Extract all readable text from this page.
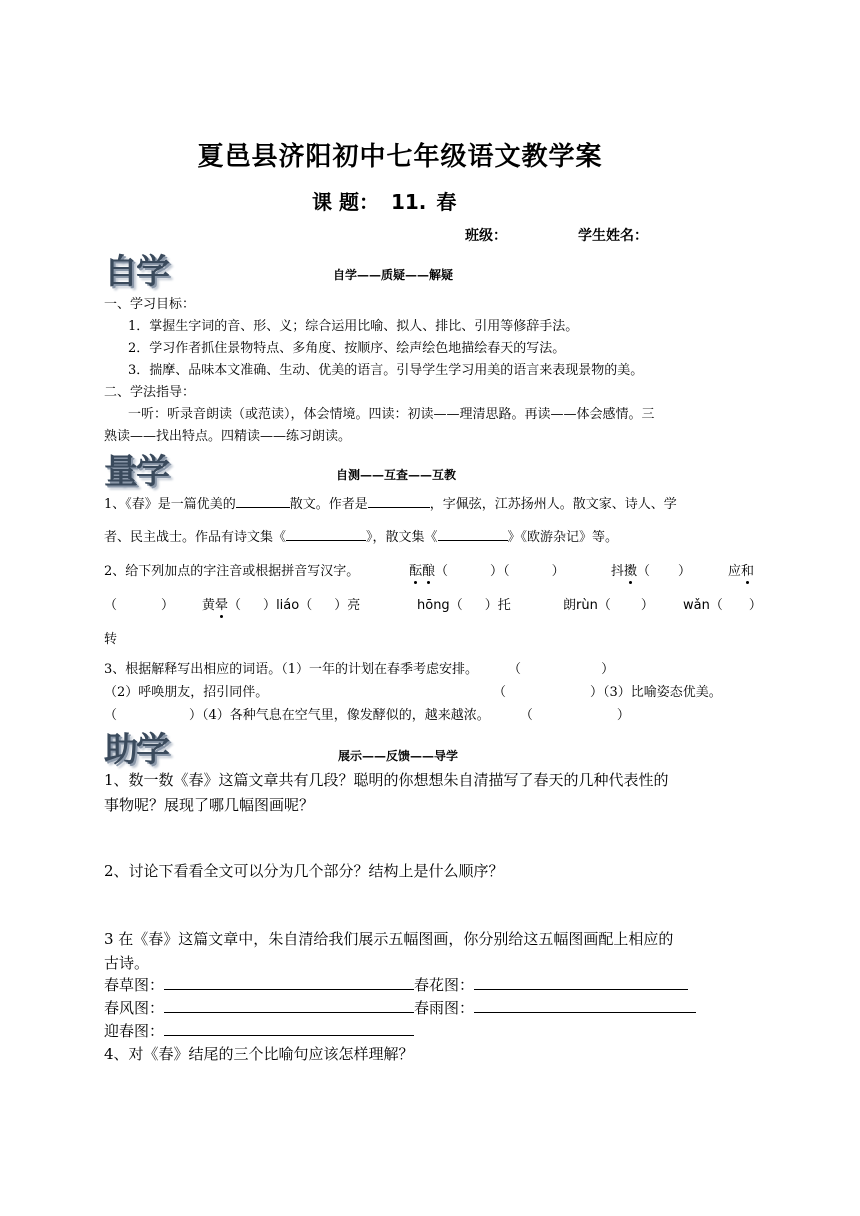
夏邑县济阳初中七年级语文教学案
课 题： 11. 春
班级：	学生姓名：
自学	自学——质疑——解疑
一、学习目标：
1．掌握生字词的音、形、义；综合运用比喻、拟人、排比、引用等修辞手法。
2．学习作者抓住景物特点、多角度、按顺序、绘声绘色地描绘春天的写法。
3．揣摩、品味本文准确、生动、优美的语言。引导学生学习用美的语言来表现景物的美。
二、学法指导：
一听：听录音朗读（或范读），体会情境。四读：初读——理清思路。再读——体会感情。三
熟读——找出特点。四精读——练习朗读。
量学	自测——互查——互教
1、《春》是一篇优美的	散文。作者是	，字佩弦，江苏扬州人。散文家、诗人、学
者、民主战士。作品有诗文集《	》，散文集《	》《欧游杂记》等。
2、给下列加点的字注音或根据拼音写汉字。	酝酿（	）（	）	抖擞（ ）	应和
（	） 黄晕（ ）liáo（ ）亮	hōng（ ）托	朗rùn（ ） wǎn（ ）
转
3、根据解释写出相应的词语。（1）一年的计划在春季考虑安排。 （	）
（2）呼唤朋友，招引同伴。	（	）（3）比喻姿态优美。
（	）（4）各种气息在空气里，像发酵似的，越来越浓。 （	）
助学	展示——反馈——导学
1、数一数《春》这篇文章共有几段？聪明的你想想朱自清描写了春天的几种代表性的
事物呢？展现了哪几幅图画呢？
2、讨论下看看全文可以分为几个部分？结构上是什么顺序？
3 在《春》这篇文章中，朱自清给我们展示五幅图画，你分别给这五幅图画配上相应的
古诗。
春草图：	春花图：
春风图：	春雨图：
迎春图：
4、对《春》结尾的三个比喻句应该怎样理解？
